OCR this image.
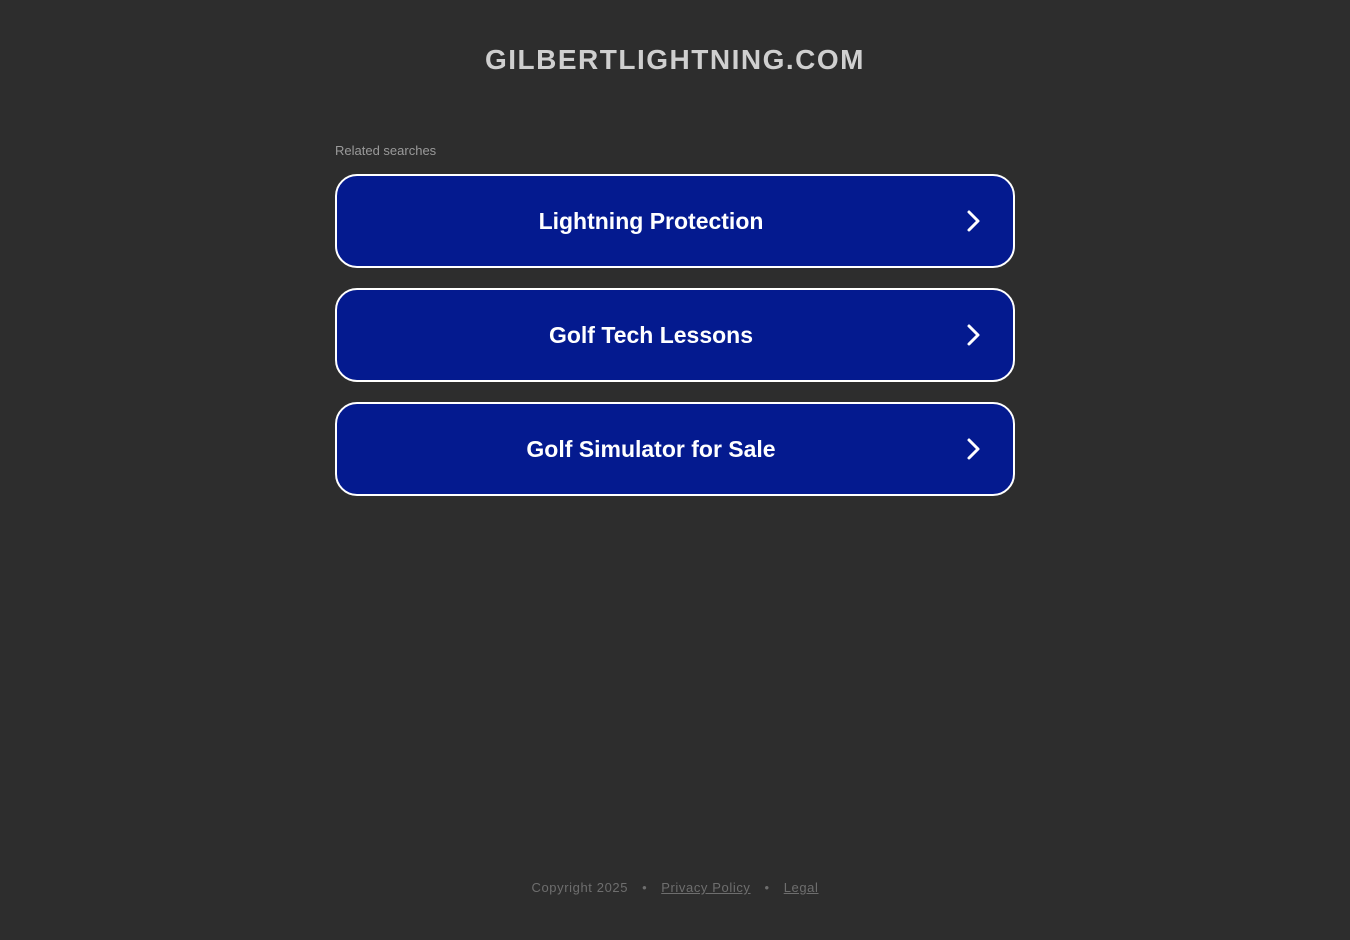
GILBERTLIGHTNING.COM
Related searches
Lightning Protection
Golf Tech Lessons
Golf Simulator for Sale
Copyright 2025 • Privacy Policy • Legal
